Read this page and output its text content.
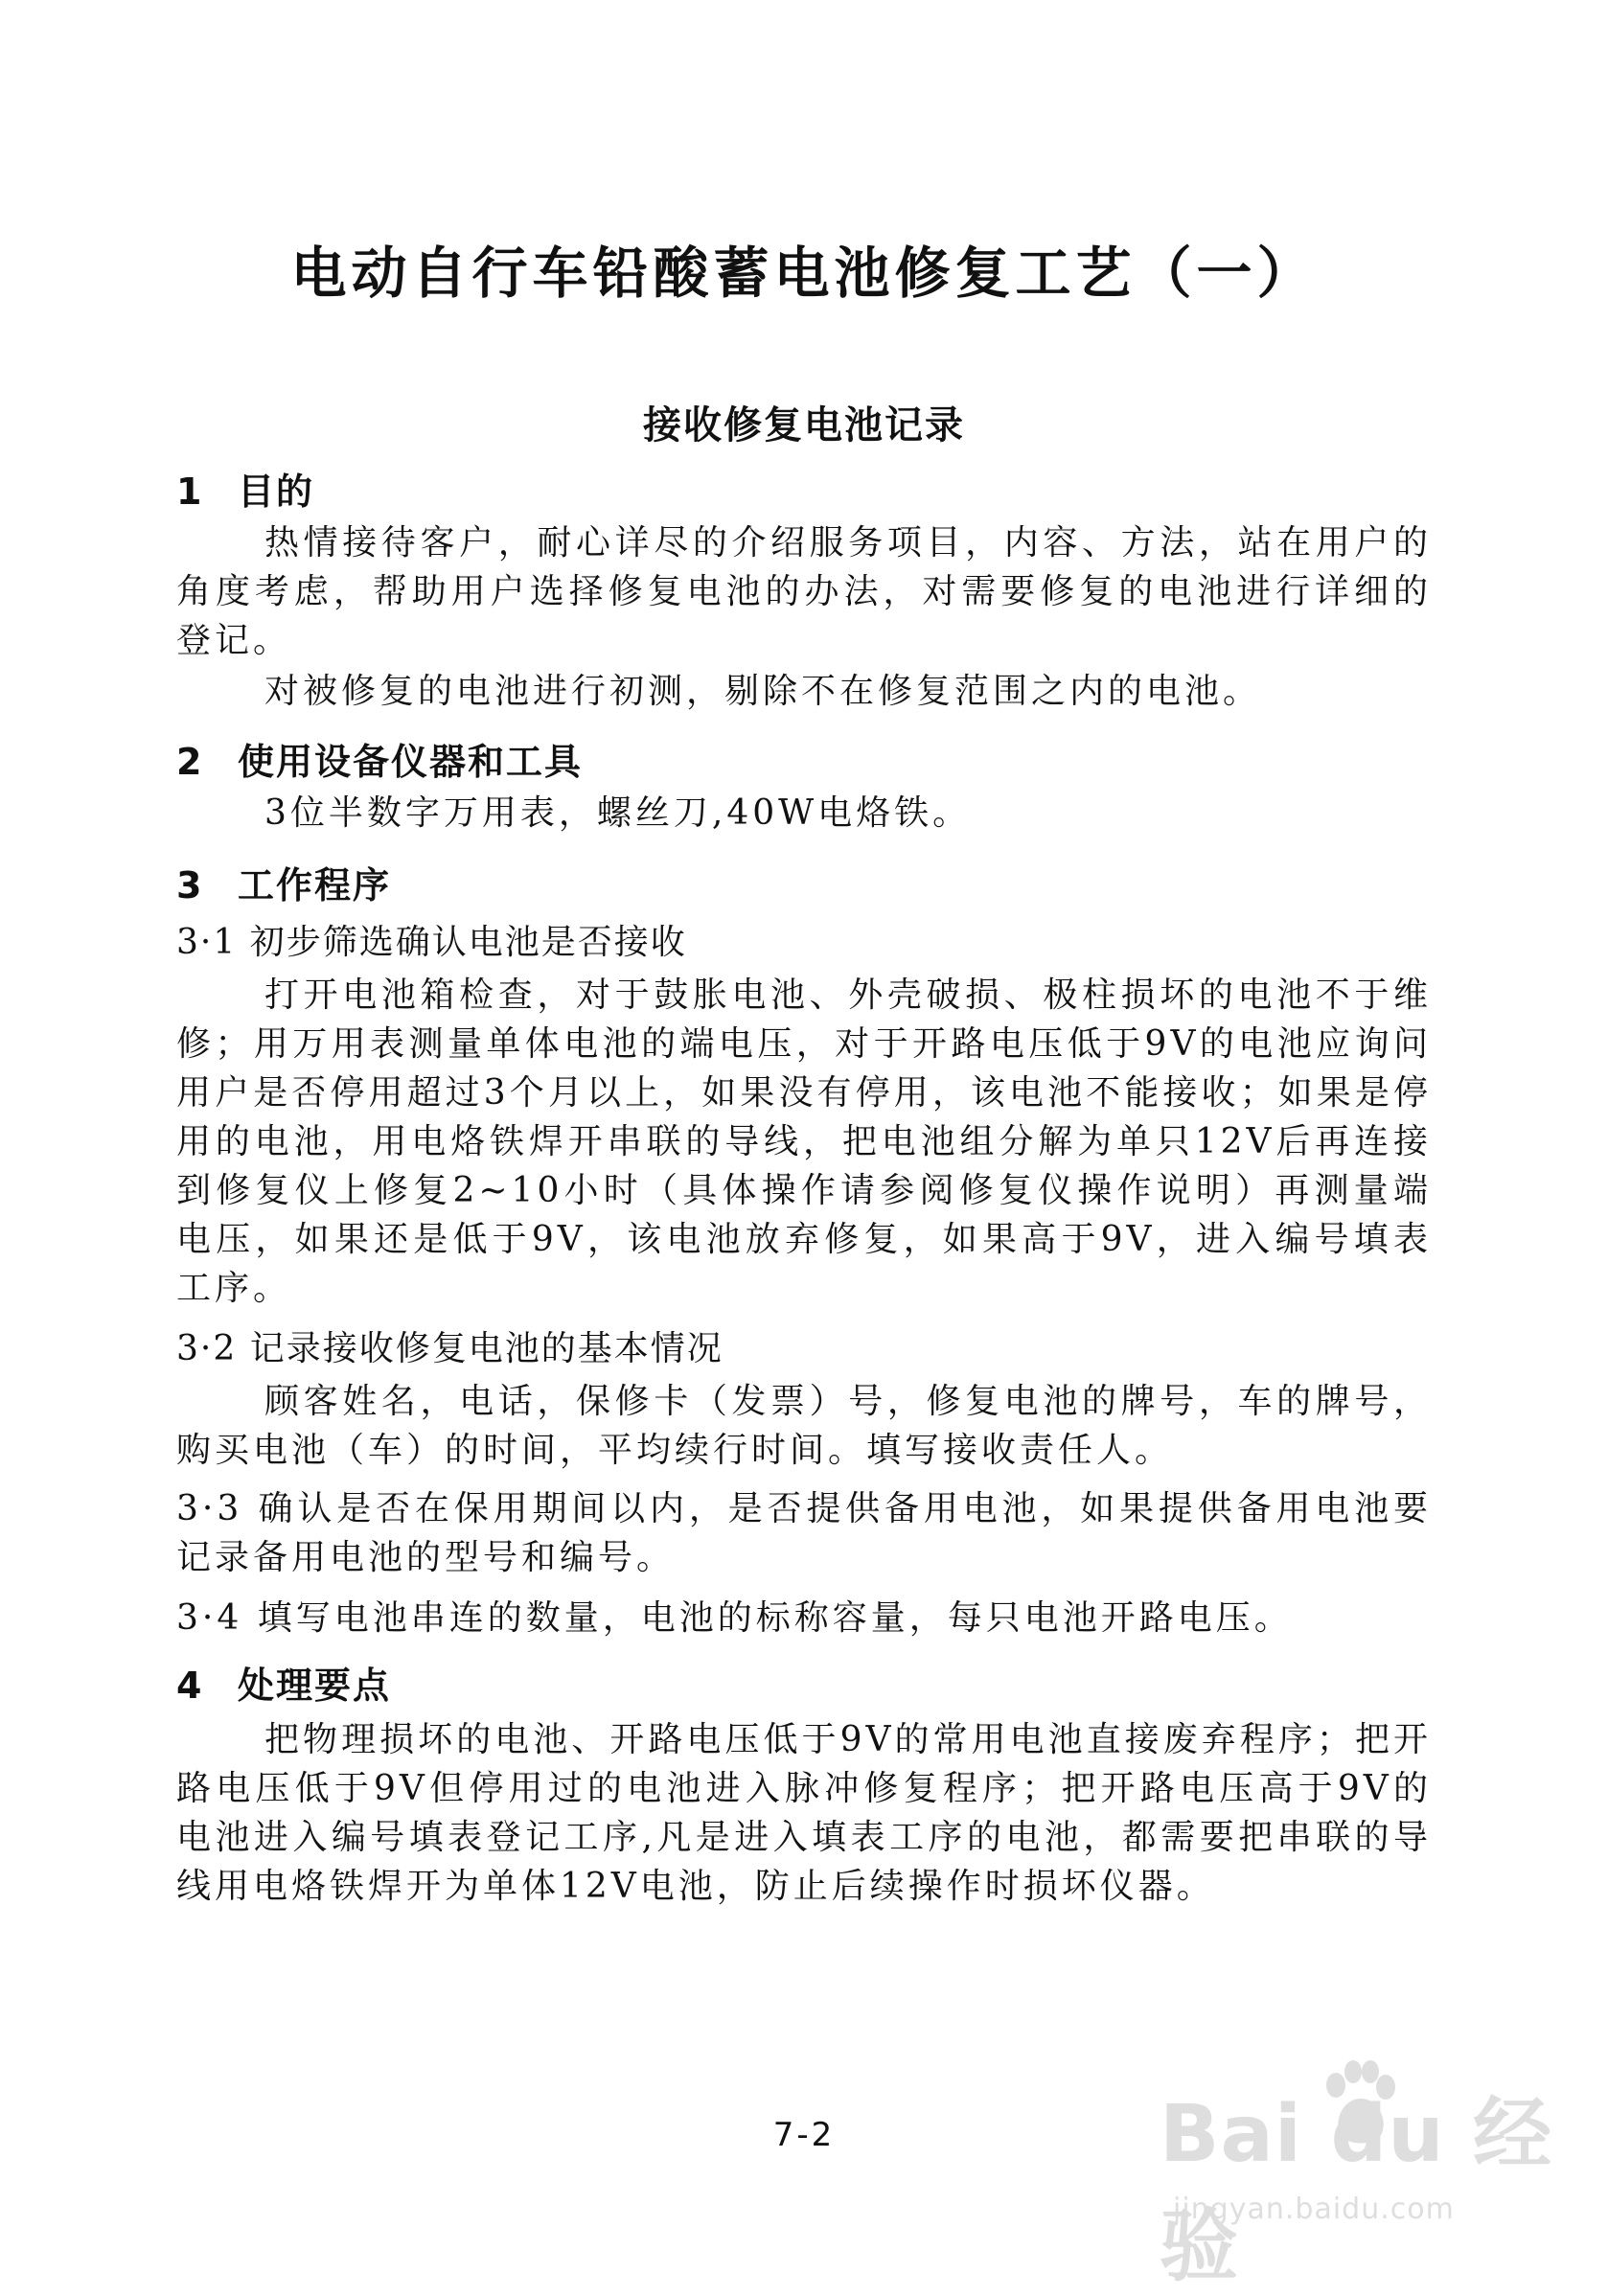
电动自行车铅酸蓄电池修复工艺（一）
接收修复电池记录
1 目的

热情接待客户，耐心详尽的介绍服务项目，内容、方法，站在用户的角度考虑，帮助用户选择修复电池的办法，对需要修复的电池进行详细的登记。

对被修复的电池进行初测，剔除不在修复范围之内的电池。

2 使用设备仪器和工具

3位半数字万用表，螺丝刀,40W电烙铁。

3 工作程序

3·1 初步筛选确认电池是否接收

打开电池箱检查，对于鼓胀电池、外壳破损、极柱损坏的电池不于维修；用万用表测量单体电池的端电压，对于开路电压低于9V的电池应询问用户是否停用超过3个月以上，如果没有停用，该电池不能接收；如果是停用的电池，用电烙铁焊开串联的导线，把电池组分解为单只12V后再连接到修复仪上修复2~10小时（具体操作请参阅修复仪操作说明）再测量端电压，如果还是低于9V，该电池放弃修复，如果高于9V，进入编号填表工序。

3·2 记录接收修复电池的基本情况

顾客姓名，电话，保修卡（发票）号，修复电池的牌号，车的牌号，购买电池（车）的时间，平均续行时间。填写接收责任人。

3·3 确认是否在保用期间以内，是否提供备用电池，如果提供备用电池要记录备用电池的型号和编号。

3·4 填写电池串连的数量，电池的标称容量，每只电池开路电压。

4 处理要点

把物理损坏的电池、开路电压低于9V的常用电池直接废弃程序；把开路电压低于9V但停用过的电池进入脉冲修复程序；把开路电压高于9V的电池进入编号填表登记工序,凡是进入填表工序的电池，都需要把串联的导线用电烙铁焊开为单体12V电池，防止后续操作时损坏仪器。

7-2	Bai du 经验
jingyan.baidu.com
